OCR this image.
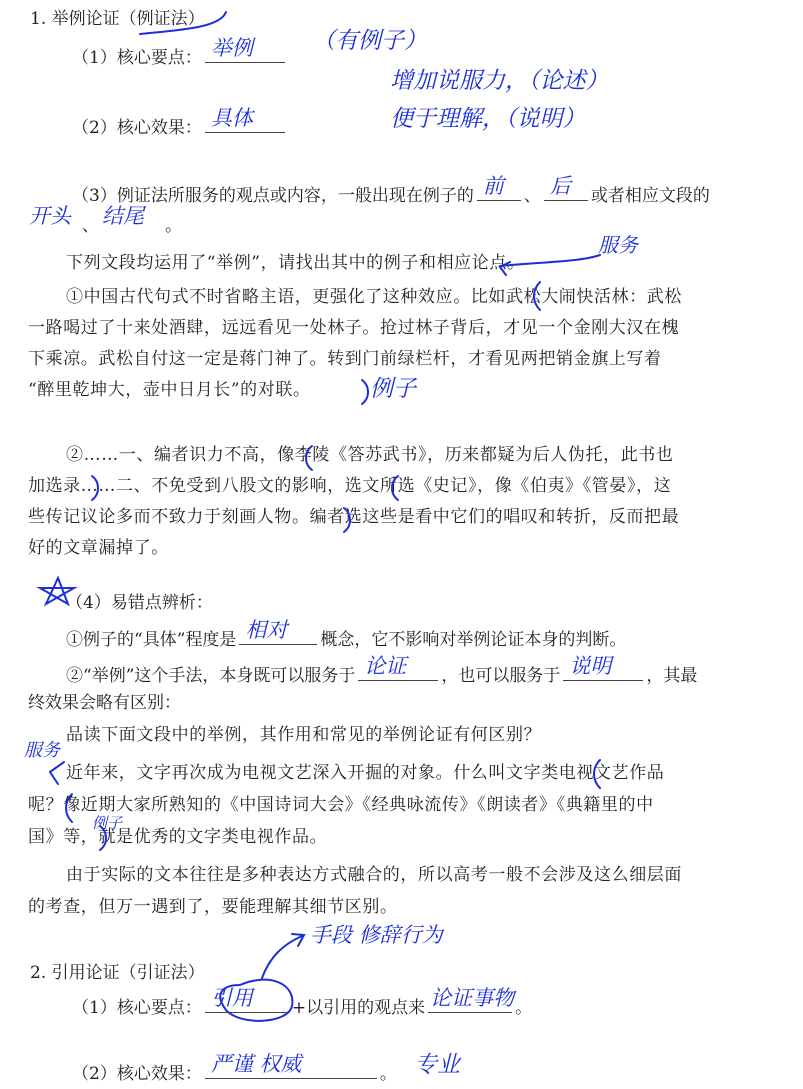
1. 举例论证（例证法）
（1）核心要点： 举例	（有例子）
增加说服力，（论述）
便于理解，（说明）
（2）核心效果： 具体
（3）例证法所服务的观点或内容，一般出现在例子的 前 、 后 或者相应文段的
开头 、 结尾 。
下列文段均运用了“举例”，请找出其中的例子和相应论点。
服务
①中国古代句式不时省略主语，更强化了这种效应。比如武松大闹快活林：武松
一路喝过了十来处酒肆，远远看见一处林子。抢过林子背后，才见一个金刚大汉在槐
下乘凉。武松自付这一定是蒋门神了。转到门前绿栏杆，才看见两把销金旗上写着
“醉里乾坤大，壶中日月长”的对联。	例子
②……一、编者识力不高，像李陵《答苏武书》，历来都疑为后人伪托，此书也
加选录……二、不免受到八股文的影响，选文所选《史记》，像《伯夷》《管晏》，这
些传记议论多而不致力于刻画人物。编者选这些是看中它们的唱叹和转折，反而把最
好的文章漏掉了。
（4）易错点辨析：
①例子的“具体”程度是 相对 概念，它不影响对举例论证本身的判断。
②“举例”这个手法，本身既可以服务于 论证 ，也可以服务于 说明 ，其最
终效果会略有区别：
品读下面文段中的举例，其作用和常见的举例论证有何区别？
服务
近年来，文字再次成为电视文艺深入开掘的对象。什么叫文字类电视文艺作品
呢？像近期大家所熟知的《中国诗词大会》《经典咏流传》《朗读者》《典籍里的中
国》等，就是优秀的文字类电视作品。
例子
由于实际的文本往往是多种表达方式融合的，所以高考一般不会涉及这么细层面
的考查，但万一遇到了，要能理解其细节区别。
手段 修辞行为
2. 引用论证（引证法）
（1）核心要点： 引用 +以引用的观点来 论证事物 。
（2）核心效果： 严谨 权威	。 专业
